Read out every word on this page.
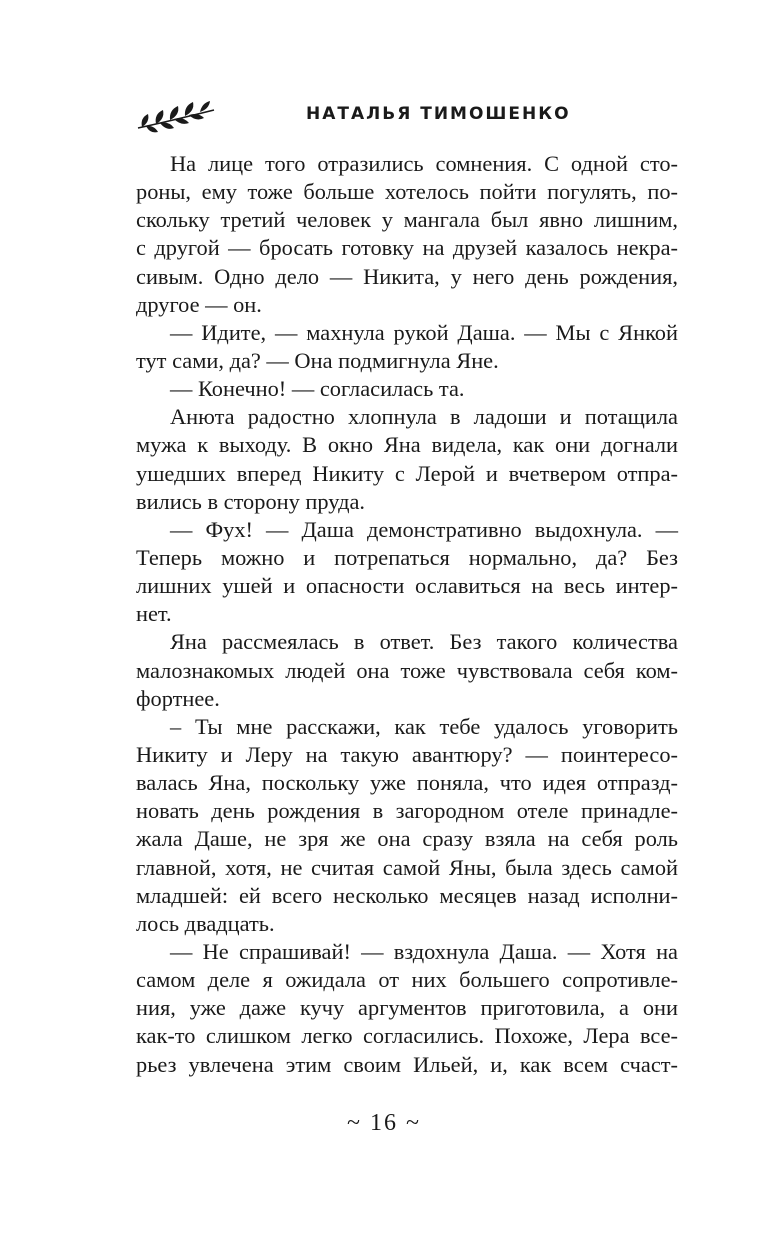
НАТАЛЬЯ ТИМОШЕНКО
На лице того отразились сомнения. С одной сто-
роны, ему тоже больше хотелось пойти погулять, по-
скольку третий человек у мангала был явно лишним,
с другой — бросать готовку на друзей казалось некра-
сивым. Одно дело — Никита, у него день рождения,
другое — он.
— Идите, — махнула рукой Даша. — Мы с Янкой
тут сами, да? — Она подмигнула Яне.
— Конечно! — согласилась та.
Анюта радостно хлопнула в ладоши и потащила
мужа к выходу. В окно Яна видела, как они догнали
ушедших вперед Никиту с Лерой и вчетвером отпра-
вились в сторону пруда.
— Фух! — Даша демонстративно выдохнула. —
Теперь можно и потрепаться нормально, да? Без
лишних ушей и опасности ославиться на весь интер-
нет.
Яна рассмеялась в ответ. Без такого количества
малознакомых людей она тоже чувствовала себя ком-
фортнее.
– Ты мне расскажи, как тебе удалось уговорить
Никиту и Леру на такую авантюру? — поинтересо-
валась Яна, поскольку уже поняла, что идея отпразд-
новать день рождения в загородном отеле принадле-
жала Даше, не зря же она сразу взяла на себя роль
главной, хотя, не считая самой Яны, была здесь самой
младшей: ей всего несколько месяцев назад исполни-
лось двадцать.
— Не спрашивай! — вздохнула Даша. — Хотя на
самом деле я ожидала от них большего сопротивле-
ния, уже даже кучу аргументов приготовила, а они
как-то слишком легко согласились. Похоже, Лера все-
рьез увлечена этим своим Ильей, и, как всем счаст-
~ 16 ~
